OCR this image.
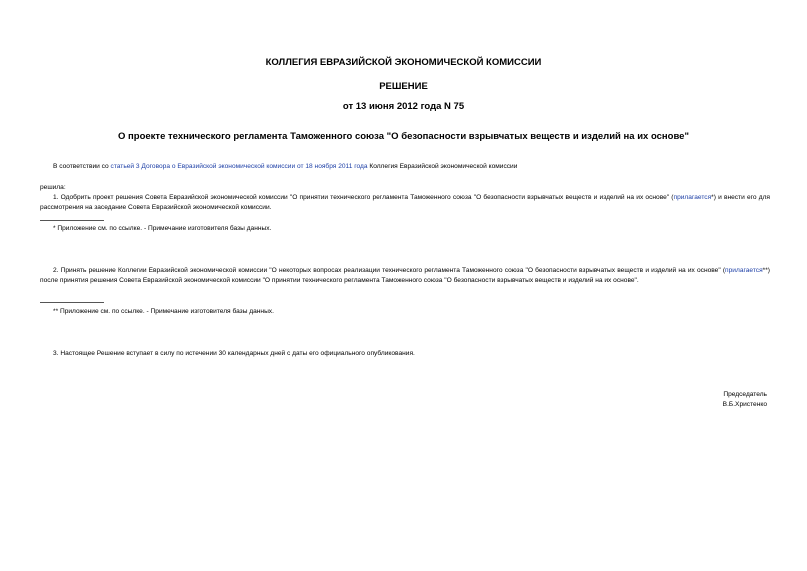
КОЛЛЕГИЯ ЕВРАЗИЙСКОЙ ЭКОНОМИЧЕСКОЙ КОМИССИИ
РЕШЕНИЕ
от 13 июня 2012 года N 75
О проекте технического регламента Таможенного союза "О безопасности взрывчатых веществ и изделий на их основе"
В соответствии со статьей 3 Договора о Евразийской экономической комиссии от 18 ноября 2011 года Коллегия Евразийской экономической комиссии
решила:
1. Одобрить проект решения Совета Евразийской экономической комиссии "О принятии технического регламента Таможенного союза "О безопасности взрывчатых веществ и изделий на их основе" (прилагается*) и внести его для рассмотрения на заседание Совета Евразийской экономической комиссии.
* Приложение см. по ссылке. - Примечание изготовителя базы данных.
2. Принять решение Коллегии Евразийской экономической комиссии "О некоторых вопросах реализации технического регламента Таможенного союза "О безопасности взрывчатых веществ и изделий на их основе" (прилагается**) после принятия решения Совета Евразийской экономической комиссии "О принятии технического регламента Таможенного союза "О безопасности взрывчатых веществ и изделий на их основе".
** Приложение см. по ссылке. - Примечание изготовителя базы данных.
3. Настоящее Решение вступает в силу по истечении 30 календарных дней с даты его официального опубликования.
Председатель
В.Б.Христенко
